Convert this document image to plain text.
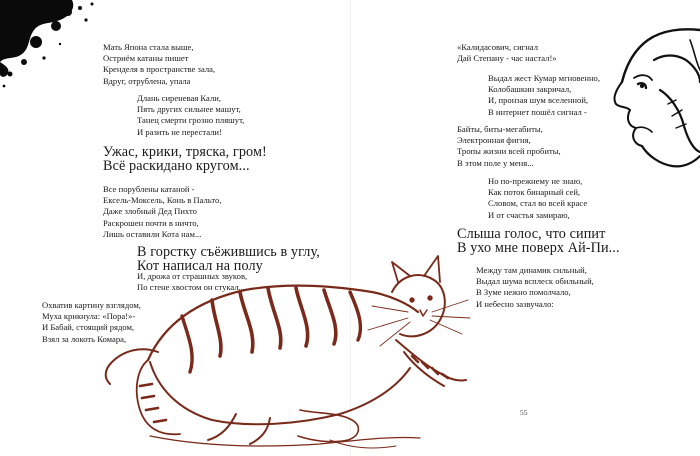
Мать Япона стала выше,
Остриём катаны пишет
Кренделя в пространстве зала,
Вдруг, отрублена, упала
Длань сиреневая Кали,
Пять других сильнее машут,
Танец смерти грозно пляшут,
И разить не перестали!
Ужас, крики, тряска, гром!
Всё раскидано кругом...
Все порублены катаной -
Ексель-Моксель, Конь в Пальто,
Даже злобный Дед Пихто
Раскрошен почти в ничто,
Лишь оставили Кота нам...
В горстку съёжившись в углу,
Кот написал на полу
И, дрожа от страшных звуков,
По стене хвостом он стукал...
Охватив картину взглядом,
Муха крикнула: «Пора!»-
И Бабай, стоящий рядом,
Взял за локоть Комара,
«Калидасович, сигнал
Дай Степану - час настал!»
Выдал жест Кумар мгновенно,
Колобашкин закричал,
И, пронзая шум вселенной,
В интернет пошёл сигнал -
Байты, биты-мегабиты,
Электронная фигня,
Тропы жизни всей пробиты,
В этом поле у меня...
Но по-прежнему не знаю,
Как поток бинарный сей,
Словом, стал во всей красе
И от счастья замираю,
Слыша голос, что сипит
В ухо мне поверх Ай-Пи...
Между там динамик сильный,
Выдал шума всплеск обильный,
В Зуме нежно помолчало,
И небесно зазвучало:
55
